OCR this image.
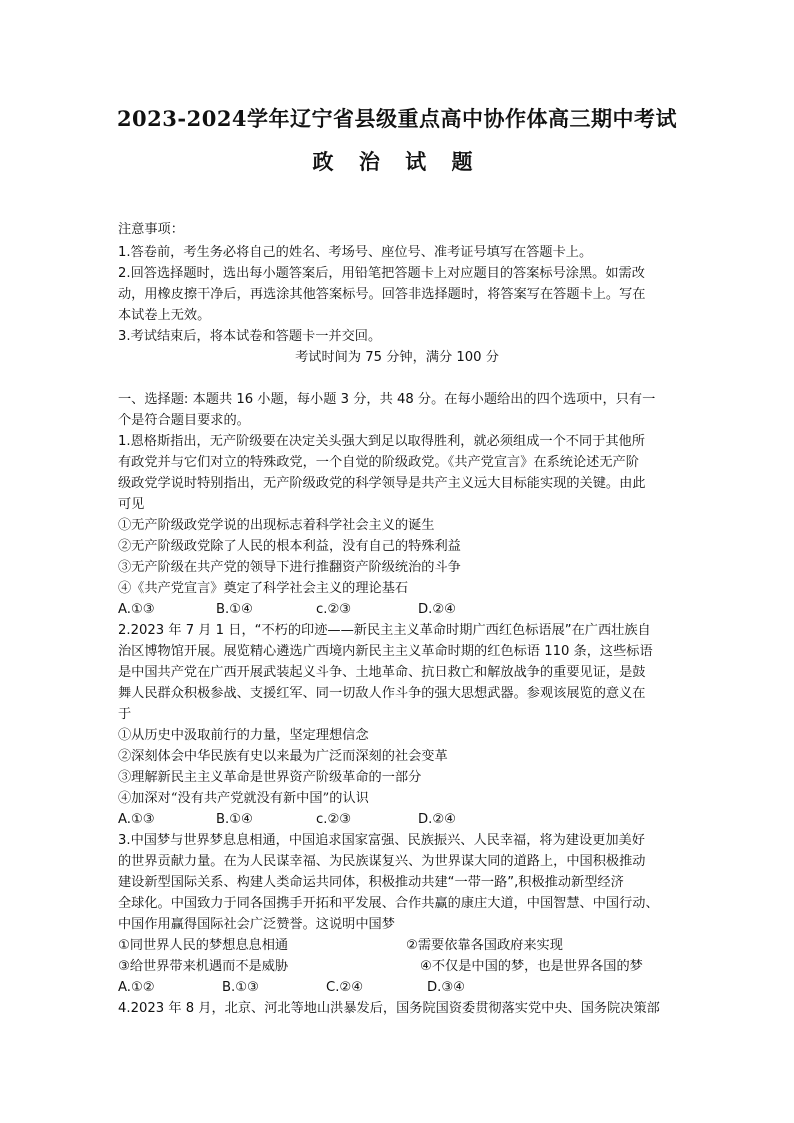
2023-2024学年辽宁省县级重点高中协作体高三期中考试
政 治 试 题
注意事项：
1.答卷前，考生务必将自己的姓名、考场号、座位号、准考证号填写在答题卡上。
2.回答选择题时，选出每小题答案后，用铅笔把答题卡上对应题目的答案标号涂黑。如需改
动，用橡皮擦干净后，再选涂其他答案标号。回答非选择题时，将答案写在答题卡上。写在
本试卷上无效。
3.考试结束后，将本试卷和答题卡一并交回。
考试时间为 75 分钟，满分 100 分
一、选择题: 本题共 16 小题，每小题 3 分，共 48 分。在每小题给出的四个选项中，只有一
个是符合题目要求的。
1.恩格斯指出，无产阶级要在决定关头强大到足以取得胜利，就必须组成一个不同于其他所
有政党并与它们对立的特殊政党，一个自觉的阶级政党。《共产党宣言》在系统论述无产阶
级政党学说时特别指出，无产阶级政党的科学领导是共产主义远大目标能实现的关键。由此
可见
①无产阶级政党学说的出现标志着科学社会主义的诞生
②无产阶级政党除了人民的根本利益，没有自己的特殊利益
③无产阶级在共产党的领导下进行推翻资产阶级统治的斗争
④《共产党宣言》奠定了科学社会主义的理论基石
A.①③	B.①④	c.②③	D.②④
2.2023 年 7 月 1 日，“不朽的印迹——新民主主义革命时期广西红色标语展”在广西壮族自
治区博物馆开展。展览精心遴选广西境内新民主主义革命时期的红色标语 110 条，这些标语
是中国共产党在广西开展武装起义斗争、土地革命、抗日救亡和解放战争的重要见证，是鼓
舞人民群众积极参战、支援红军、同一切敌人作斗争的强大思想武器。参观该展览的意义在
于
①从历史中汲取前行的力量，坚定理想信念
②深刻体会中华民族有史以来最为广泛而深刻的社会变革
③理解新民主主义革命是世界资产阶级革命的一部分
④加深对“没有共产党就没有新中国”的认识
A.①③	B.①④	c.②③	D.②④
3.中国梦与世界梦息息相通，中国追求国家富强、民族振兴、人民幸福，将为建设更加美好
的世界贡献力量。在为人民谋幸福、为民族谋复兴、为世界谋大同的道路上，中国积极推动
建设新型国际关系、构建人类命运共同体，积极推动共建“一带一路”,积极推动新型经济
全球化。中国致力于同各国携手开拓和平发展、合作共赢的康庄大道，中国智慧、中国行动、
中国作用赢得国际社会广泛赞誉。这说明中国梦
①同世界人民的梦想息息相通	②需要依靠各国政府来实现
③给世界带来机遇而不是威胁	④不仅是中国的梦，也是世界各国的梦
A.①②	B.①③	C.②④	D.③④
4.2023 年 8 月，北京、河北等地山洪暴发后，国务院国资委贯彻落实党中央、国务院决策部
